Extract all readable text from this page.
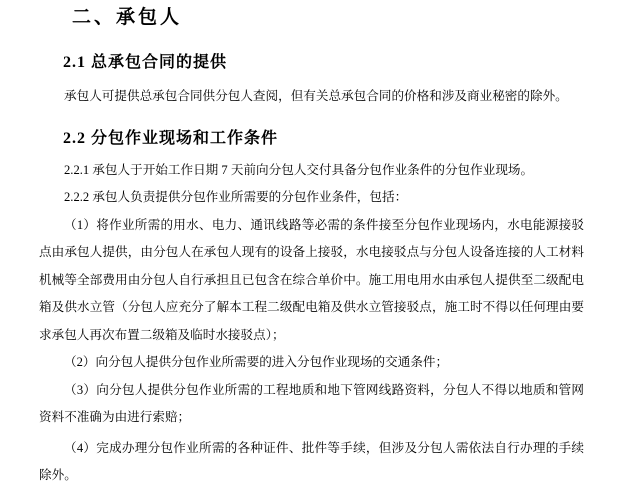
二、承包人
2.1 总承包合同的提供

承包人可提供总承包合同供分包人查阅，但有关总承包合同的价格和涉及商业秘密的除外。

2.2 分包作业现场和工作条件

2.2.1 承包人于开始工作日期 7 天前向分包人交付具备分包作业条件的分包作业现场。

2.2.2 承包人负责提供分包作业所需要的分包作业条件，包括：

（1）将作业所需的用水、电力、通讯线路等必需的条件接至分包作业现场内，水电能源接驳点由承包人提供，由分包人在承包人现有的设备上接驳，水电接驳点与分包人设备连接的人工材料机械等全部费用由分包人自行承担且已包含在综合单价中。施工用电用水由承包人提供至二级配电箱及供水立管（分包人应充分了解本工程二级配电箱及供水立管接驳点，施工时不得以任何理由要求承包人再次布置二级箱及临时水接驳点）；

（2）向分包人提供分包作业所需要的进入分包作业现场的交通条件；

（3）向分包人提供分包作业所需的工程地质和地下管网线路资料，分包人不得以地质和管网资料不准确为由进行索赔；

（4）完成办理分包作业所需的各种证件、批件等手续，但涉及分包人需依法自行办理的手续除外。
